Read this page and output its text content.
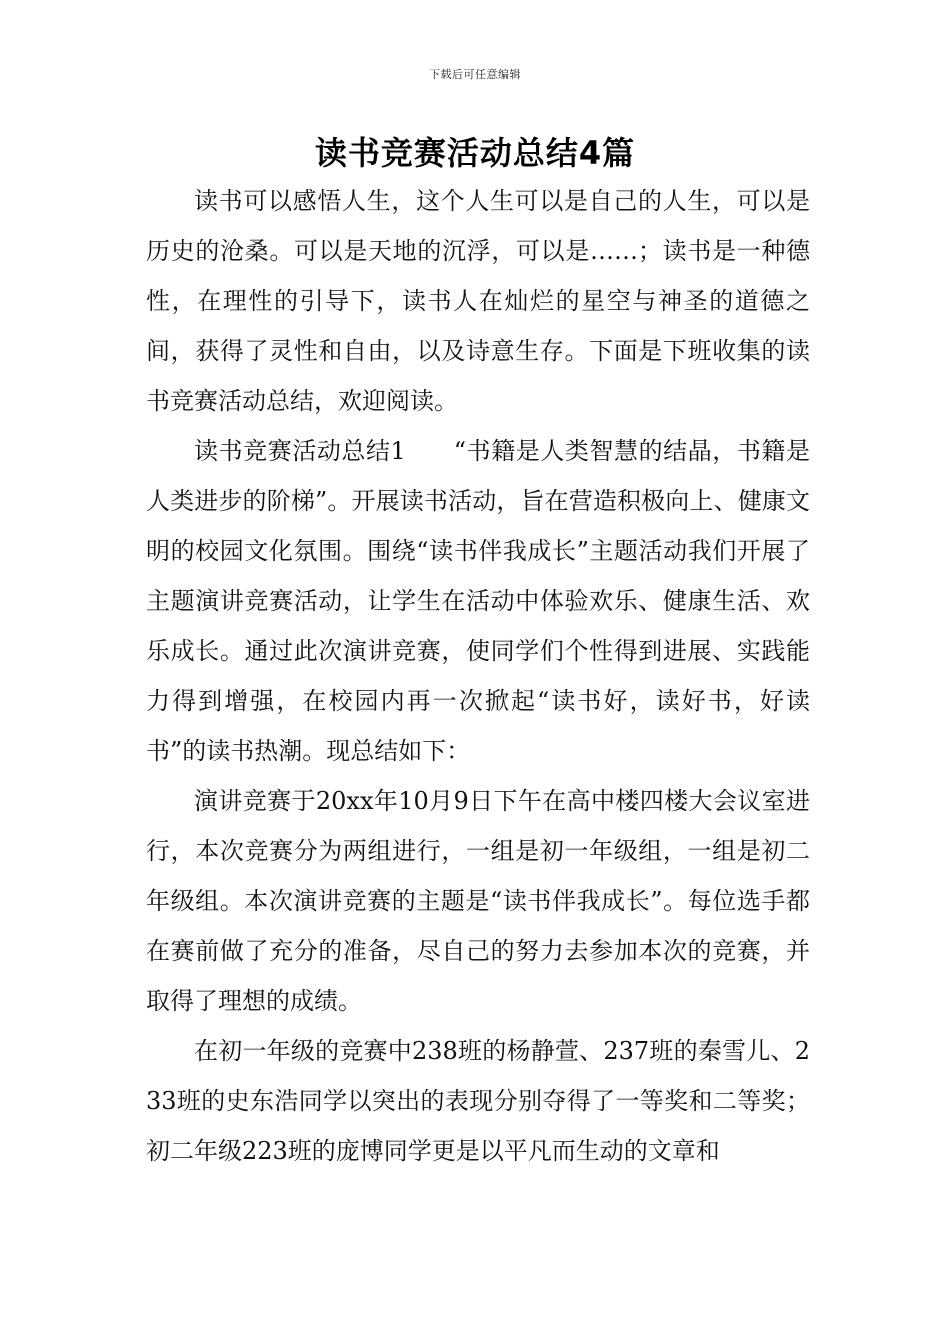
下载后可任意编辑
读书竞赛活动总结4篇

读书可以感悟人生，这个人生可以是自己的人生，可以是历史的沧桑。可以是天地的沉浮，可以是……；读书是一种德性，在理性的引导下，读书人在灿烂的星空与神圣的道德之间，获得了灵性和自由，以及诗意生存。下面是下班收集的读书竞赛活动总结，欢迎阅读。

读书竞赛活动总结1 “书籍是人类智慧的结晶，书籍是人类进步的阶梯”。开展读书活动，旨在营造积极向上、健康文明的校园文化氛围。围绕“读书伴我成长”主题活动我们开展了主题演讲竞赛活动，让学生在活动中体验欢乐、健康生活、欢乐成长。通过此次演讲竞赛，使同学们个性得到进展、实践能力得到增强，在校园内再一次掀起“读书好，读好书，好读书”的读书热潮。现总结如下：

演讲竞赛于20xx年10月9日下午在高中楼四楼大会议室进行，本次竞赛分为两组进行，一组是初一年级组，一组是初二年级组。本次演讲竞赛的主题是“读书伴我成长”。每位选手都在赛前做了充分的准备，尽自己的努力去参加本次的竞赛，并取得了理想的成绩。

在初一年级的竞赛中238班的杨静萱、237班的秦雪儿、233班的史东浩同学以突出的表现分别夺得了一等奖和二等奖；初二年级223班的庞博同学更是以平凡而生动的文章和
